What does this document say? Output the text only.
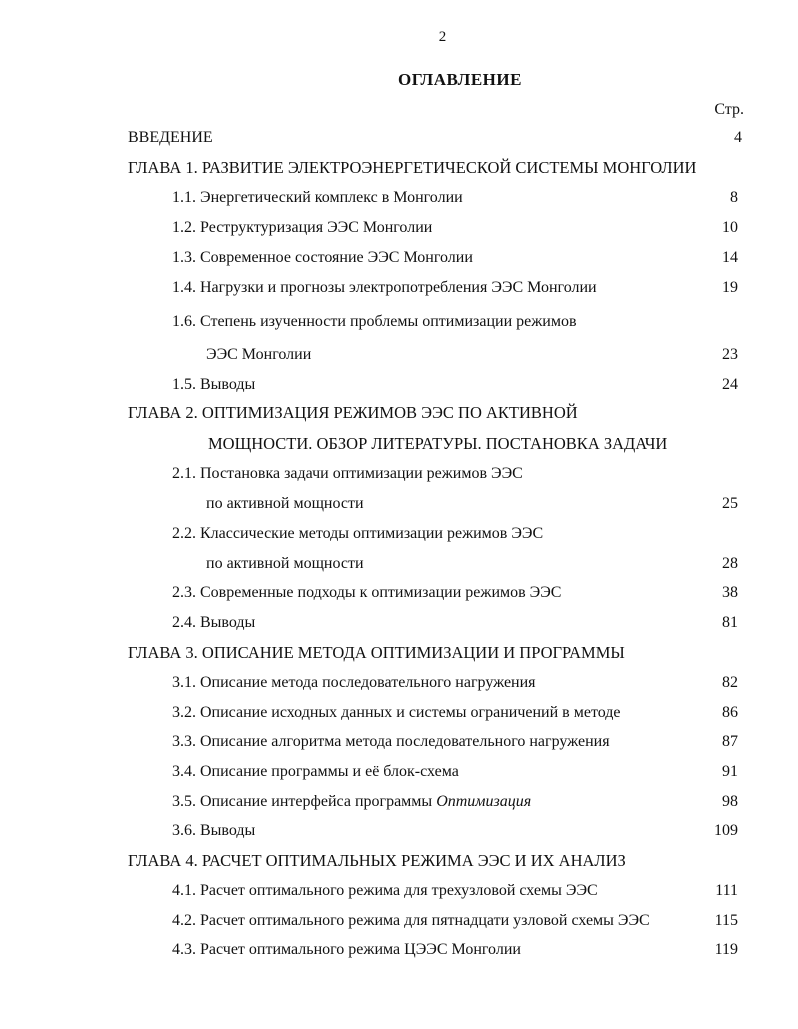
2
ОГЛАВЛЕНИЕ
Стр.
ВВЕДЕНИЕ	4
ГЛАВА 1. РАЗВИТИЕ ЭЛЕКТРОЭНЕРГЕТИЧЕСКОЙ СИСТЕМЫ МОНГОЛИИ
1.1. Энергетический комплекс в Монголии	8
1.2. Реструктуризация ЭЭС Монголии	10
1.3. Современное состояние ЭЭС Монголии	14
1.4. Нагрузки и прогнозы электропотребления ЭЭС Монголии	19
1.6. Степень изученности проблемы оптимизации режимов
ЭЭС Монголии	23
1.5. Выводы	24
ГЛАВА 2. ОПТИМИЗАЦИЯ РЕЖИМОВ ЭЭС ПО АКТИВНОЙ
МОЩНОСТИ. ОБЗОР ЛИТЕРАТУРЫ. ПОСТАНОВКА ЗАДАЧИ
2.1. Постановка задачи оптимизации режимов ЭЭС
по активной мощности	25
2.2. Классические методы оптимизации режимов ЭЭС
по активной мощности	28
2.3. Современные подходы к оптимизации режимов ЭЭС	38
2.4. Выводы	81
ГЛАВА 3. ОПИСАНИЕ МЕТОДА ОПТИМИЗАЦИИ И ПРОГРАММЫ
3.1. Описание метода последовательного нагружения	82
3.2. Описание исходных данных и системы ограничений в методе	86
3.3. Описание алгоритма метода последовательного нагружения	87
3.4. Описание программы и её блок-схема	91
3.5. Описание интерфейса программы Оптимизация	98
3.6. Выводы	109
ГЛАВА 4. РАСЧЕТ ОПТИМАЛЬНЫХ РЕЖИМА ЭЭС И ИХ АНАЛИЗ
4.1. Расчет оптимального режима для трехузловой схемы ЭЭС	111
4.2. Расчет оптимального режима для пятнадцати узловой схемы ЭЭС	115
4.3. Расчет оптимального режима ЦЭЭС Монголии	119
